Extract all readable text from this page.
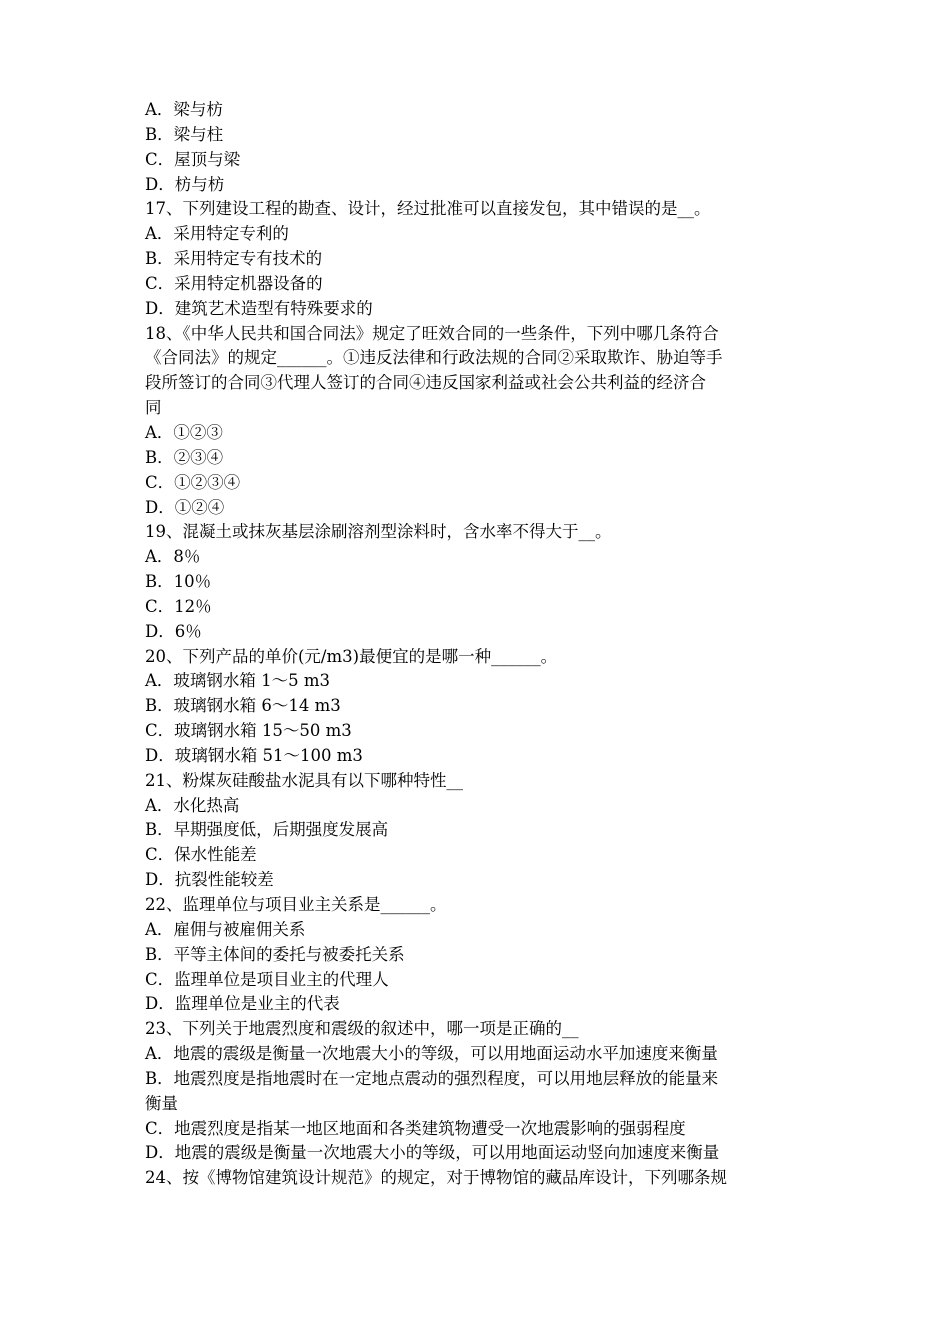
A．梁与枋
B．梁与柱
C．屋顶与梁
D．枋与枋
17、下列建设工程的勘查、设计，经过批准可以直接发包，其中错误的是__。
A．采用特定专利的
B．采用特定专有技术的
C．采用特定机器设备的
D．建筑艺术造型有特殊要求的
18、《中华人民共和国合同法》规定了旺效合同的一些条件，下列中哪几条符合
《合同法》的规定______。①违反法律和行政法规的合同②采取欺诈、胁迫等手
段所签订的合同③代理人签订的合同④违反国家利益或社会公共利益的经济合
同
A．①②③
B．②③④
C．①②③④
D．①②④
19、混凝土或抹灰基层涂刷溶剂型涂料时，含水率不得大于__。
A．8％
B．10％
C．12％
D．6％
20、下列产品的单价(元/m3)最便宜的是哪一种______。
A．玻璃钢水箱 1～5 m3
B．玻璃钢水箱 6～14 m3
C．玻璃钢水箱 15～50 m3
D．玻璃钢水箱 51～100 m3
21、粉煤灰硅酸盐水泥具有以下哪种特性__
A．水化热高
B．早期强度低，后期强度发展高
C．保水性能差
D．抗裂性能较差
22、监理单位与项目业主关系是______。
A．雇佣与被雇佣关系
B．平等主体间的委托与被委托关系
C．监理单位是项目业主的代理人
D．监理单位是业主的代表
23、下列关于地震烈度和震级的叙述中，哪一项是正确的__
A．地震的震级是衡量一次地震大小的等级，可以用地面运动水平加速度来衡量
B．地震烈度是指地震时在一定地点震动的强烈程度，可以用地层释放的能量来
衡量
C．地震烈度是指某一地区地面和各类建筑物遭受一次地震影响的强弱程度
D．地震的震级是衡量一次地震大小的等级，可以用地面运动竖向加速度来衡量
24、按《博物馆建筑设计规范》的规定，对于博物馆的藏品库设计，下列哪条规
